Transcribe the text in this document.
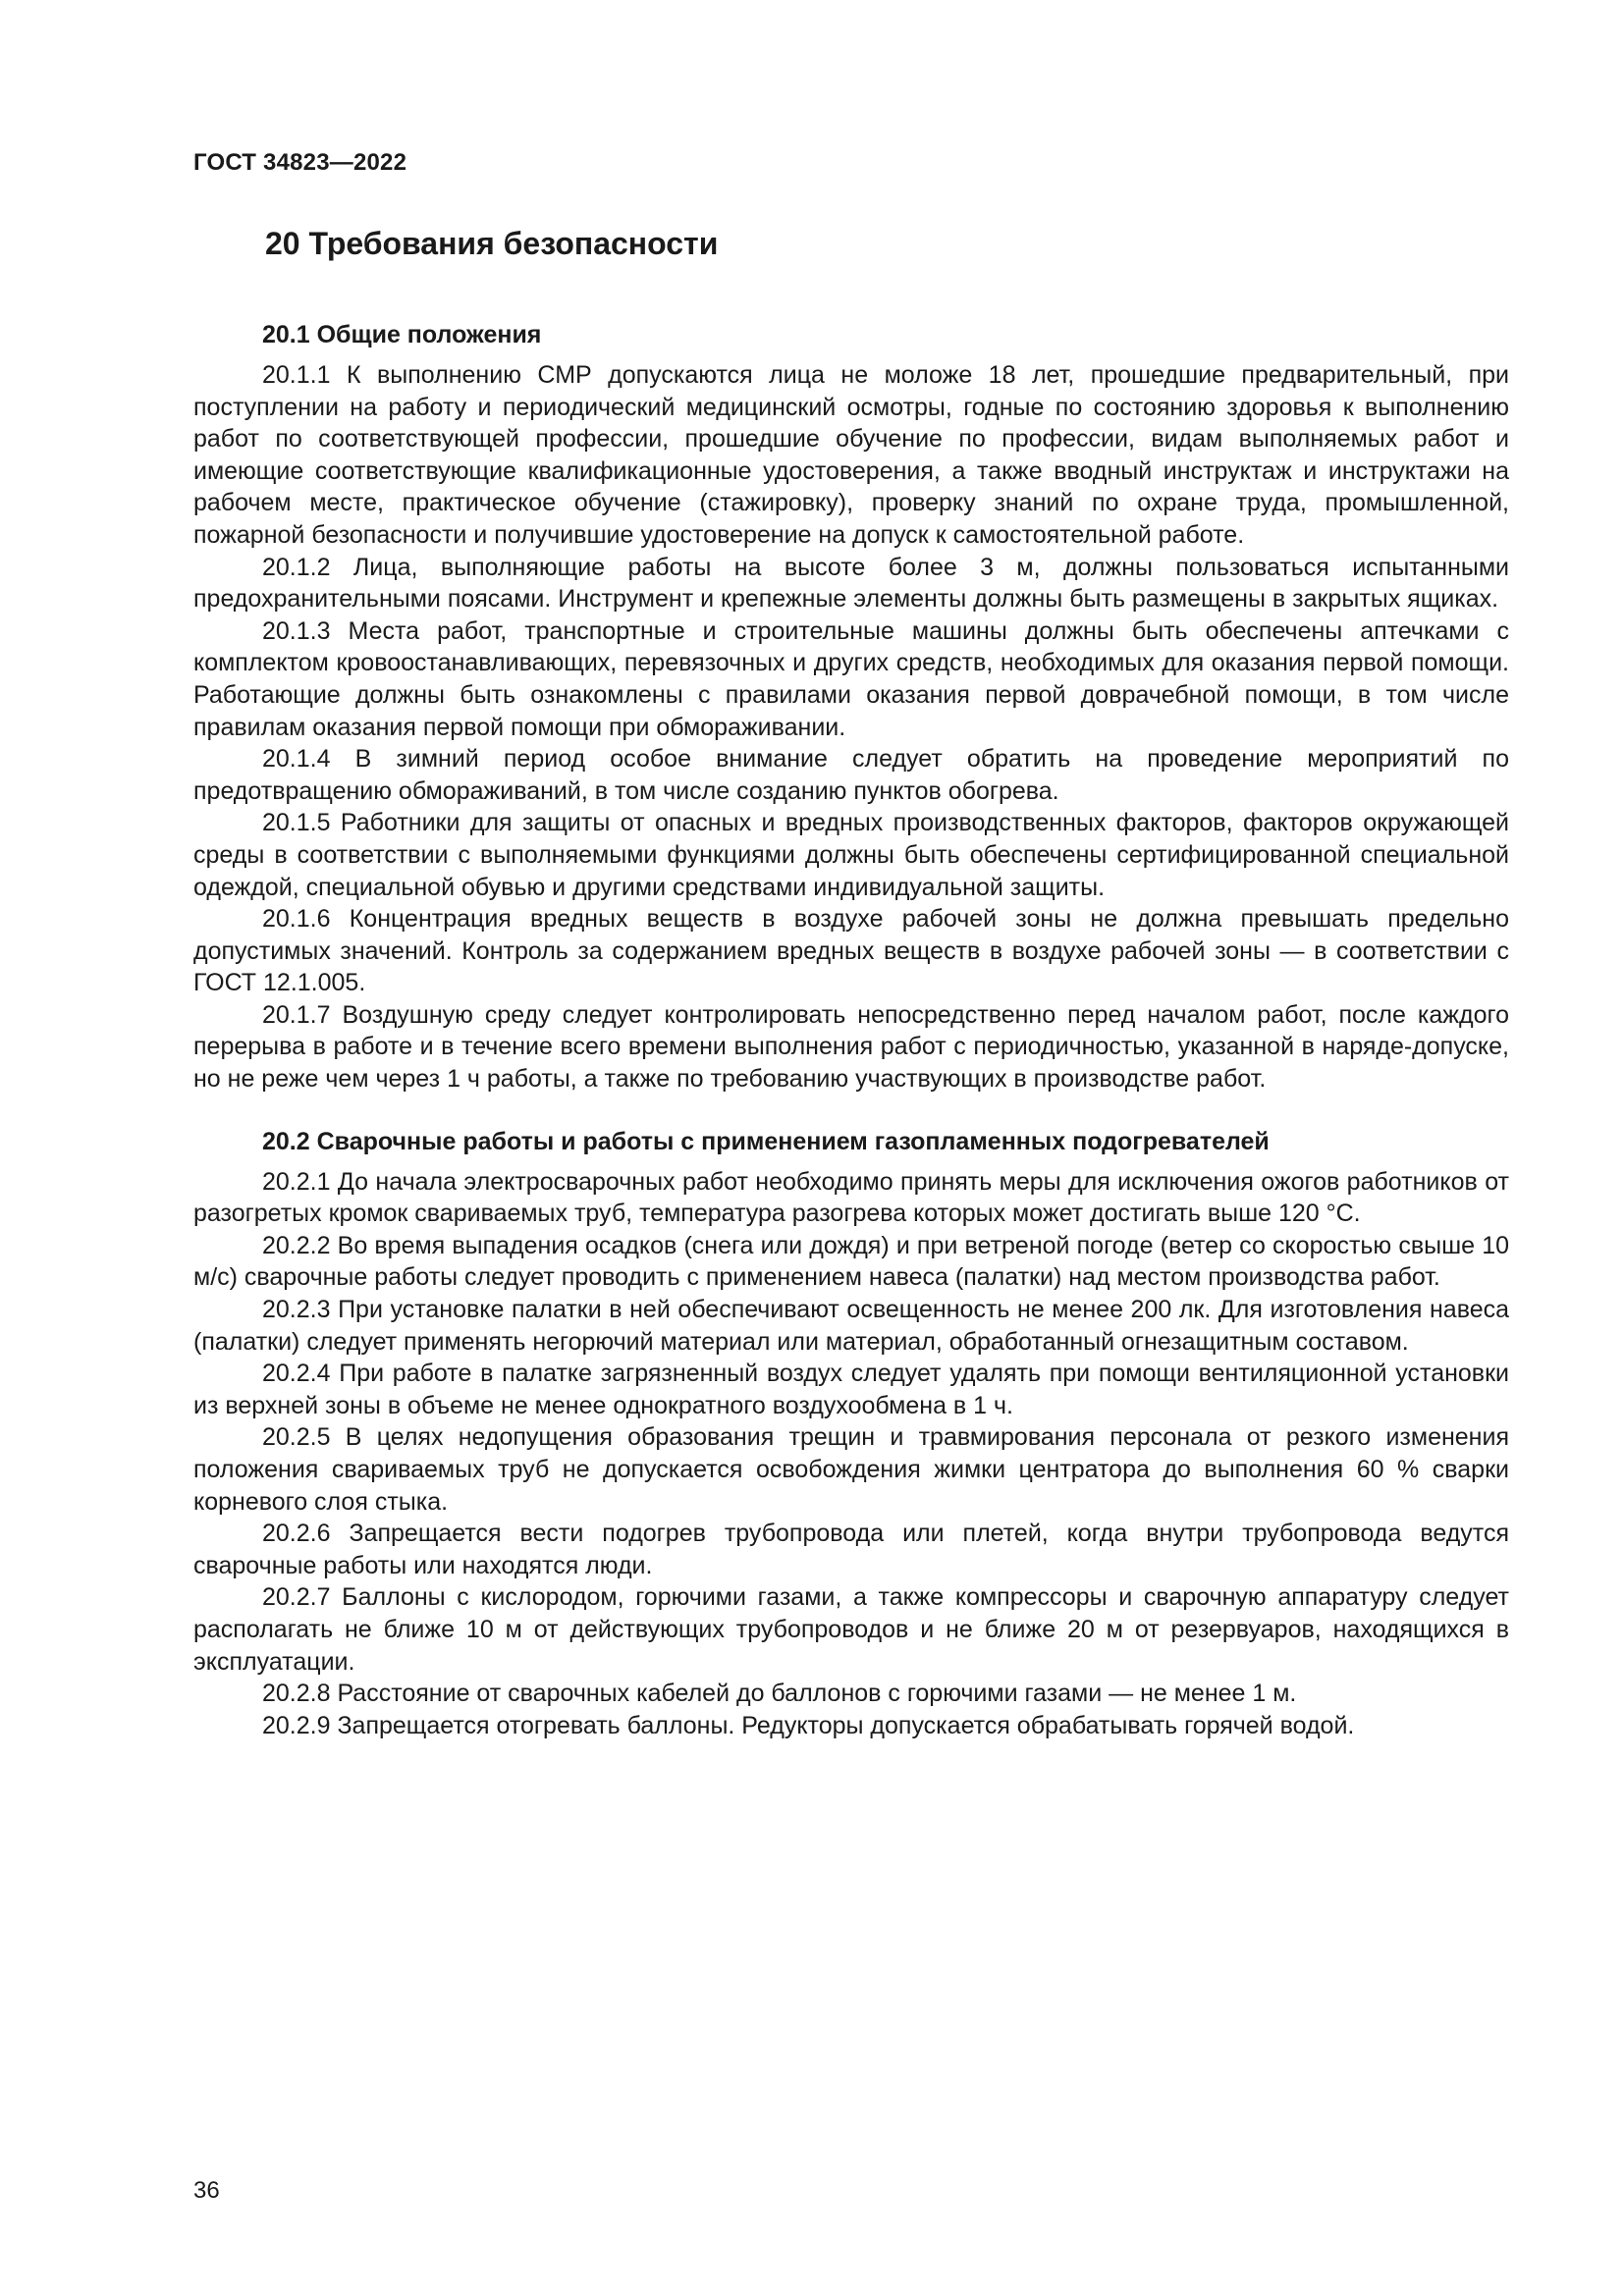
ГОСТ 34823—2022
20 Требования безопасности
20.1 Общие положения

20.1.1 К выполнению СМР допускаются лица не моложе 18 лет, прошедшие предварительный, при поступлении на работу и периодический медицинский осмотры, годные по состоянию здоровья к выполнению работ по соответствующей профессии, прошедшие обучение по профессии, видам выполняемых работ и имеющие соответствующие квалификационные удостоверения, а также вводный инструктаж и инструктажи на рабочем месте, практическое обучение (стажировку), проверку знаний по охране труда, промышленной, пожарной безопасности и получившие удостоверение на допуск к самостоятельной работе.

20.1.2 Лица, выполняющие работы на высоте более 3 м, должны пользоваться испытанными предохранительными поясами. Инструмент и крепежные элементы должны быть размещены в закрытых ящиках.

20.1.3 Места работ, транспортные и строительные машины должны быть обеспечены аптечками с комплектом кровоостанавливающих, перевязочных и других средств, необходимых для оказания первой помощи. Работающие должны быть ознакомлены с правилами оказания первой доврачебной помощи, в том числе правилам оказания первой помощи при обмораживании.

20.1.4 В зимний период особое внимание следует обратить на проведение мероприятий по предотвращению обмораживаний, в том числе созданию пунктов обогрева.

20.1.5 Работники для защиты от опасных и вредных производственных факторов, факторов окружающей среды в соответствии с выполняемыми функциями должны быть обеспечены сертифицированной специальной одеждой, специальной обувью и другими средствами индивидуальной защиты.

20.1.6 Концентрация вредных веществ в воздухе рабочей зоны не должна превышать предельно допустимых значений. Контроль за содержанием вредных веществ в воздухе рабочей зоны — в соответствии с ГОСТ 12.1.005.

20.1.7 Воздушную среду следует контролировать непосредственно перед началом работ, после каждого перерыва в работе и в течение всего времени выполнения работ с периодичностью, указанной в наряде-допуске, но не реже чем через 1 ч работы, а также по требованию участвующих в производстве работ.

20.2 Сварочные работы и работы с применением газопламенных подогревателей

20.2.1 До начала электросварочных работ необходимо принять меры для исключения ожогов работников от разогретых кромок свариваемых труб, температура разогрева которых может достигать выше 120 °С.

20.2.2 Во время выпадения осадков (снега или дождя) и при ветреной погоде (ветер со скоростью свыше 10 м/с) сварочные работы следует проводить с применением навеса (палатки) над местом производства работ.

20.2.3 При установке палатки в ней обеспечивают освещенность не менее 200 лк. Для изготовления навеса (палатки) следует применять негорючий материал или материал, обработанный огнезащитным составом.

20.2.4 При работе в палатке загрязненный воздух следует удалять при помощи вентиляционной установки из верхней зоны в объеме не менее однократного воздухообмена в 1 ч.

20.2.5 В целях недопущения образования трещин и травмирования персонала от резкого изменения положения свариваемых труб не допускается освобождения жимки центратора до выполнения 60 % сварки корневого слоя стыка.

20.2.6 Запрещается вести подогрев трубопровода или плетей, когда внутри трубопровода ведутся сварочные работы или находятся люди.

20.2.7 Баллоны с кислородом, горючими газами, а также компрессоры и сварочную аппаратуру следует располагать не ближе 10 м от действующих трубопроводов и не ближе 20 м от резервуаров, находящихся в эксплуатации.

20.2.8 Расстояние от сварочных кабелей до баллонов с горючими газами — не менее 1 м.

20.2.9 Запрещается отогревать баллоны. Редукторы допускается обрабатывать горячей водой.

36
